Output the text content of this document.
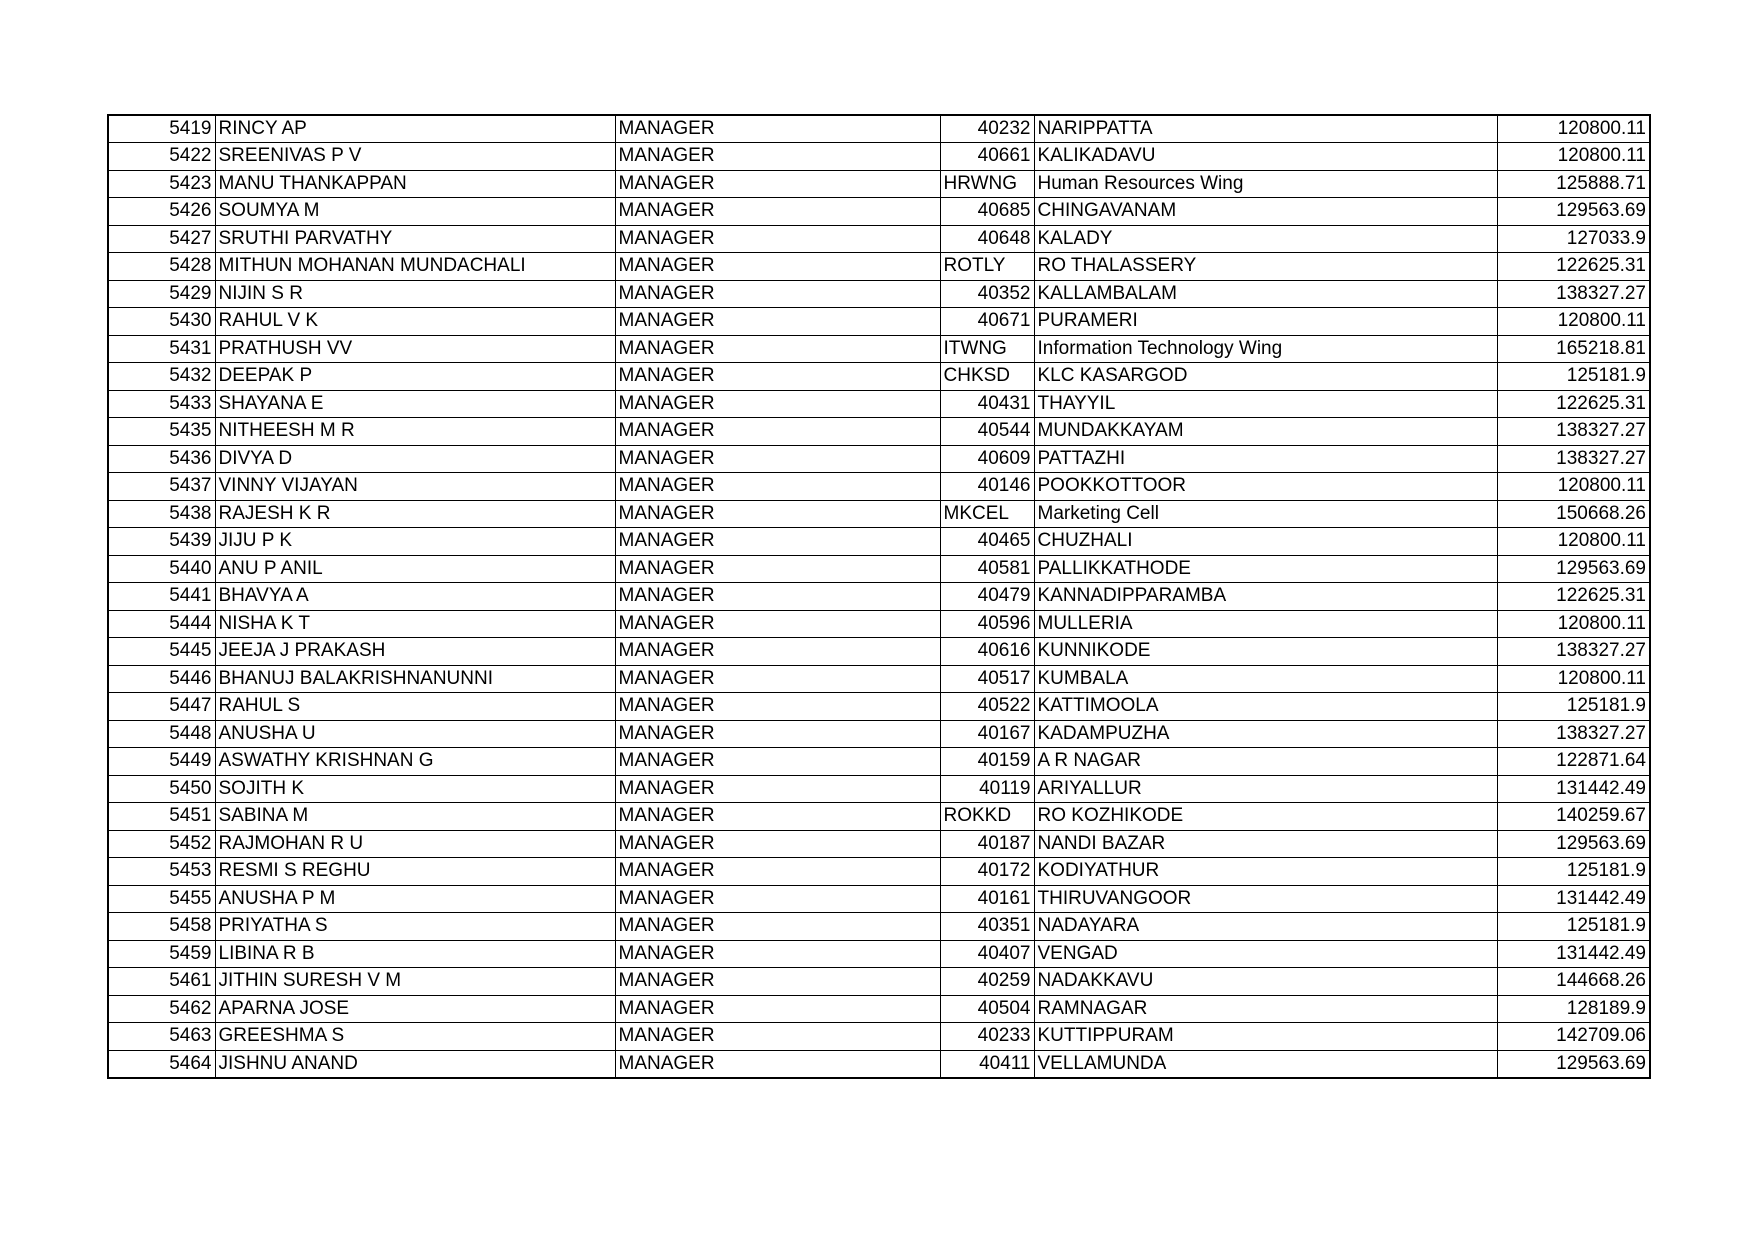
5419	RINCY AP	MANAGER	40232	NARIPPATTA	120800.11
5422	SREENIVAS P V	MANAGER	40661	KALIKADAVU	120800.11
5423	MANU THANKAPPAN	MANAGER	HRWNG	Human Resources Wing	125888.71
5426	SOUMYA M	MANAGER	40685	CHINGAVANAM	129563.69
5427	SRUTHI PARVATHY	MANAGER	40648	KALADY	127033.9
5428	MITHUN MOHANAN MUNDACHALI	MANAGER	ROTLY	RO THALASSERY	122625.31
5429	NIJIN S R	MANAGER	40352	KALLAMBALAM	138327.27
5430	RAHUL V K	MANAGER	40671	PURAMERI	120800.11
5431	PRATHUSH VV	MANAGER	ITWNG	Information Technology Wing	165218.81
5432	DEEPAK P	MANAGER	CHKSD	KLC KASARGOD	125181.9
5433	SHAYANA E	MANAGER	40431	THAYYIL	122625.31
5435	NITHEESH M R	MANAGER	40544	MUNDAKKAYAM	138327.27
5436	DIVYA D	MANAGER	40609	PATTAZHI	138327.27
5437	VINNY VIJAYAN	MANAGER	40146	POOKKOTTOOR	120800.11
5438	RAJESH K R	MANAGER	MKCEL	Marketing Cell	150668.26
5439	JIJU P K	MANAGER	40465	CHUZHALI	120800.11
5440	ANU P ANIL	MANAGER	40581	PALLIKKATHODE	129563.69
5441	BHAVYA A	MANAGER	40479	KANNADIPPARAMBA	122625.31
5444	NISHA K T	MANAGER	40596	MULLERIA	120800.11
5445	JEEJA J PRAKASH	MANAGER	40616	KUNNIKODE	138327.27
5446	BHANUJ BALAKRISHNANUNNI	MANAGER	40517	KUMBALA	120800.11
5447	RAHUL S	MANAGER	40522	KATTIMOOLA	125181.9
5448	ANUSHA U	MANAGER	40167	KADAMPUZHA	138327.27
5449	ASWATHY KRISHNAN G	MANAGER	40159	A R NAGAR	122871.64
5450	SOJITH K	MANAGER	40119	ARIYALLUR	131442.49
5451	SABINA M	MANAGER	ROKKD	RO KOZHIKODE	140259.67
5452	RAJMOHAN R U	MANAGER	40187	NANDI BAZAR	129563.69
5453	RESMI S REGHU	MANAGER	40172	KODIYATHUR	125181.9
5455	ANUSHA P M	MANAGER	40161	THIRUVANGOOR	131442.49
5458	PRIYATHA S	MANAGER	40351	NADAYARA	125181.9
5459	LIBINA R B	MANAGER	40407	VENGAD	131442.49
5461	JITHIN SURESH V M	MANAGER	40259	NADAKKAVU	144668.26
5462	APARNA JOSE	MANAGER	40504	RAMNAGAR	128189.9
5463	GREESHMA S	MANAGER	40233	KUTTIPPURAM	142709.06
5464	JISHNU ANAND	MANAGER	40411	VELLAMUNDA	129563.69
